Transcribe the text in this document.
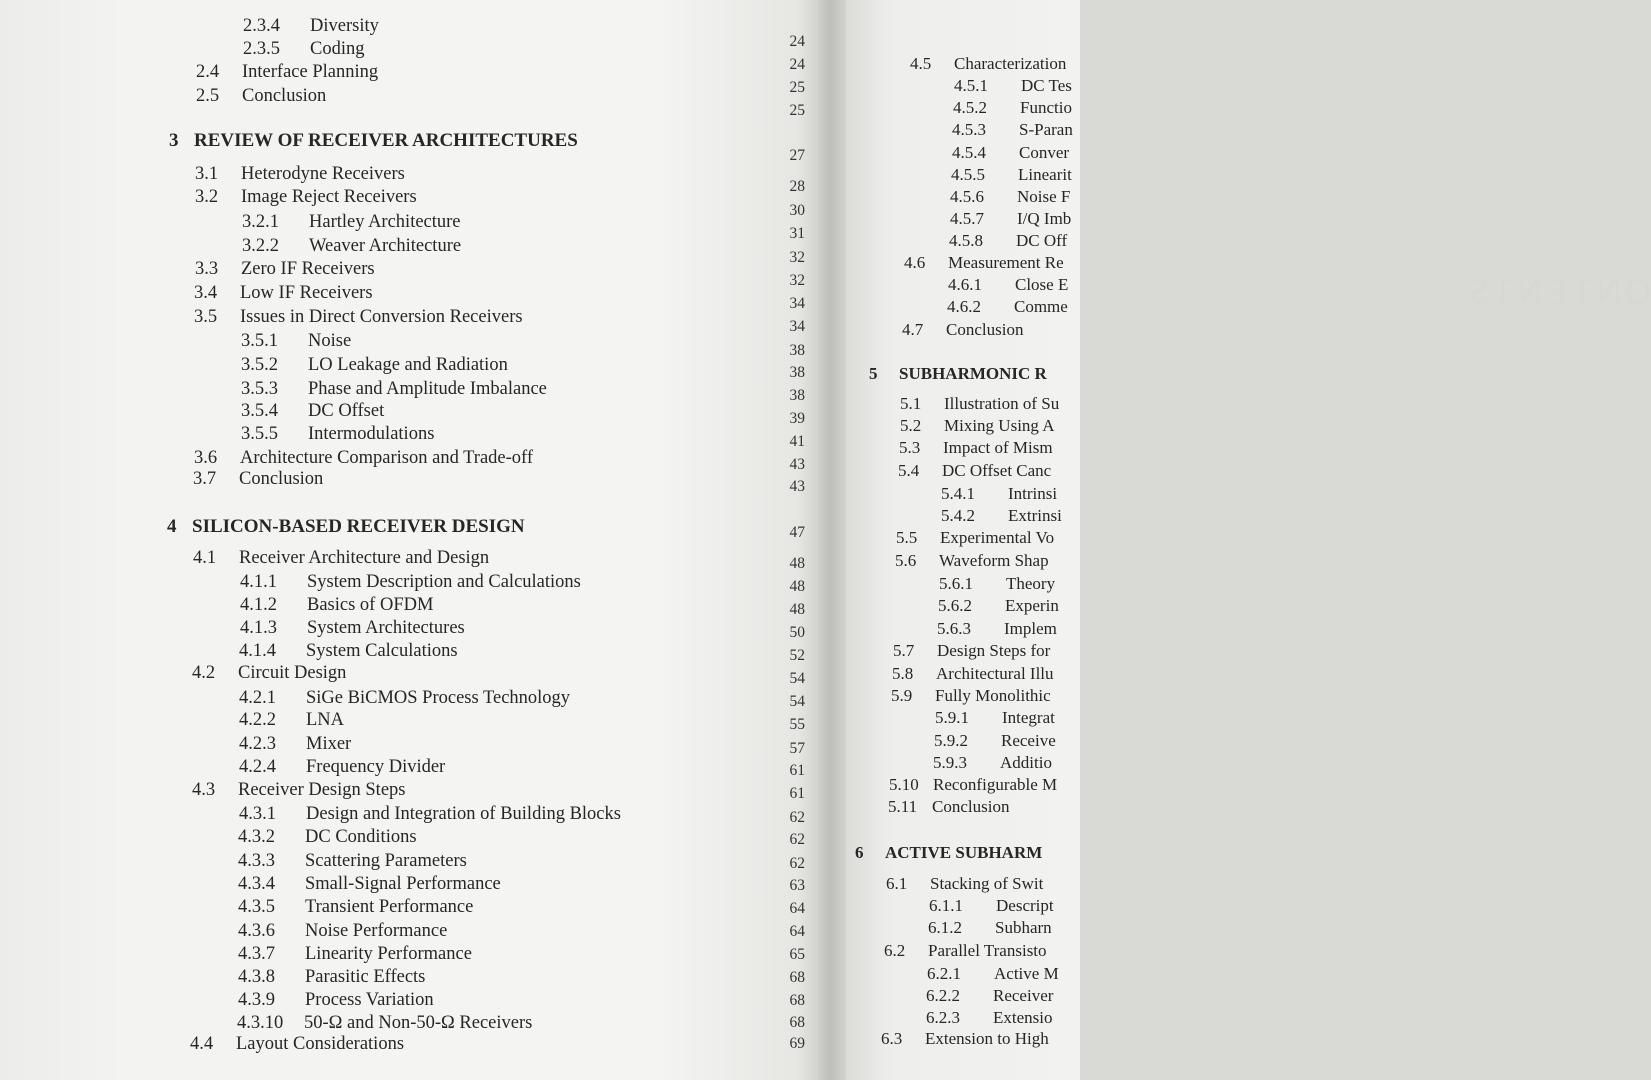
2.3.4 Diversity
2.3.5 Coding
2.4 Interface Planning
2.5 Conclusion
3 REVIEW OF RECEIVER ARCHITECTURES
3.1 Heterodyne Receivers
3.2 Image Reject Receivers
3.2.1 Hartley Architecture
3.2.2 Weaver Architecture
3.3 Zero IF Receivers
3.4 Low IF Receivers
3.5 Issues in Direct Conversion Receivers
3.5.1 Noise
3.5.2 LO Leakage and Radiation
3.5.3 Phase and Amplitude Imbalance
3.5.4 DC Offset
3.5.5 Intermodulations
3.6 Architecture Comparison and Trade-off
3.7 Conclusion
4 SILICON-BASED RECEIVER DESIGN
4.1 Receiver Architecture and Design
4.1.1 System Description and Calculations
4.1.2 Basics of OFDM
4.1.3 System Architectures
4.1.4 System Calculations
4.2 Circuit Design
4.2.1 SiGe BiCMOS Process Technology
4.2.2 LNA
4.2.3 Mixer
4.2.4 Frequency Divider
4.3 Receiver Design Steps
4.3.1 Design and Integration of Building Blocks
4.3.2 DC Conditions
4.3.3 Scattering Parameters
4.3.4 Small-Signal Performance
4.3.5 Transient Performance
4.3.6 Noise Performance
4.3.7 Linearity Performance
4.3.8 Parasitic Effects
4.3.9 Process Variation
4.3.10 50-Ω and Non-50-Ω Receivers
4.4 Layout Considerations
24
24
25
25
27
28
30
31
32
32
34
34
38
38
38
39
41
43
43
47
48
48
48
50
52
54
54
55
57
61
61
62
62
62
63
64
64
65
68
68
68
69
ONTENTS
4.5 Characterization
4.5.1 DC Tes
4.5.2 Functio
4.5.3 S-Paran
4.5.4 Conver
4.5.5 Linearit
4.5.6 Noise F
4.5.7 I/Q Imb
4.5.8 DC Off
4.6 Measurement Re
4.6.1 Close E
4.6.2 Comme
4.7 Conclusion
5 SUBHARMONIC R
5.1 Illustration of Su
5.2 Mixing Using A
5.3 Impact of Mism
5.4 DC Offset Canc
5.4.1 Intrinsi
5.4.2 Extrinsi
5.5 Experimental Vo
5.6 Waveform Shap
5.6.1 Theory
5.6.2 Experin
5.6.3 Implem
5.7 Design Steps for
5.8 Architectural Illu
5.9 Fully Monolithic
5.9.1 Integrat
5.9.2 Receive
5.9.3 Additio
5.10 Reconfigurable M
5.11 Conclusion
6 ACTIVE SUBHARM
6.1 Stacking of Swit
6.1.1 Descript
6.1.2 Subharn
6.2 Parallel Transisto
6.2.1 Active M
6.2.2 Receiver
6.2.3 Extensio
6.3 Extension to High
